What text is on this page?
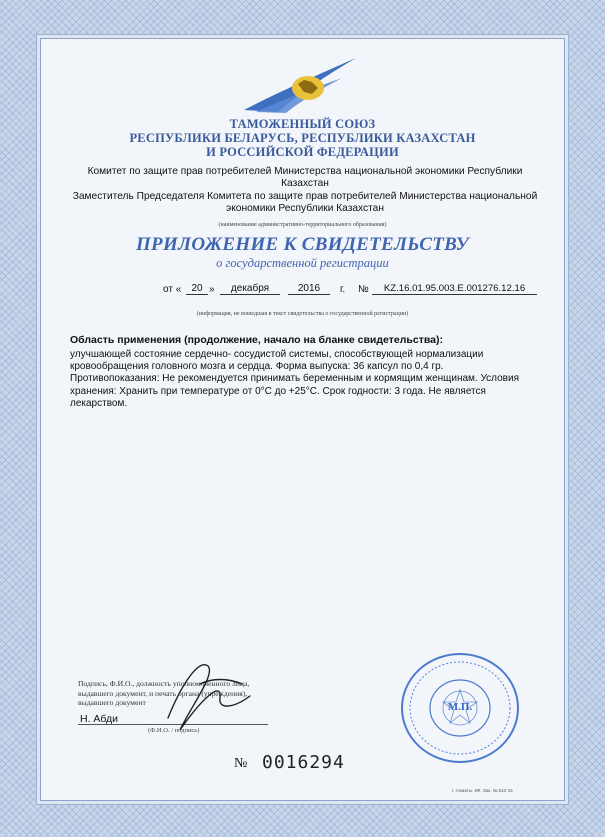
ТАМОЖЕННЫЙ СОЮЗ
РЕСПУБЛИКИ БЕЛАРУСЬ, РЕСПУБЛИКИ КАЗАХСТАН
И РОССИЙСКОЙ ФЕДЕРАЦИИ
Комитет по защите прав потребителей Министерства национальной экономики Республики
Казахстан
Заместитель Председателя Комитета по защите прав потребителей Министерства национальной
экономики Республики Казахстан
(наименование административно-территориального образования)
ПРИЛОЖЕНИЕ К СВИДЕТЕЛЬСТВУ
о государственной регистрации
от «	20 »	декабря	2016	г. №	KZ.16.01.95.003.E.001276.12.16
(информация, не вошедшая в текст свидетельства о государственной регистрации)
Область применения (продолжение, начало на бланке свидетельства):
улучшающей состояние сердечно- сосудистой системы, способствующей нормализации
кровообращения головного мозга и сердца. Форма выпуска: 36 капсул по 0,4 гр.
Противопоказания: Не рекомендуется принимать беременным и кормящим женщинам. Условия
хранения: Хранить при температуре от 0°С до +25°С. Срок годности: 3 года. Не является
лекарством.
Подпись, Ф.И.О., должность уполномоченного лица,
выдавшего документ, и печать органа (учреждения),
выдавшего документ
Н. Абди
(Ф.И.О. / подпись)
М.П.
№ 0016294
г. Алматы, КФ, Зак. № 510-15
